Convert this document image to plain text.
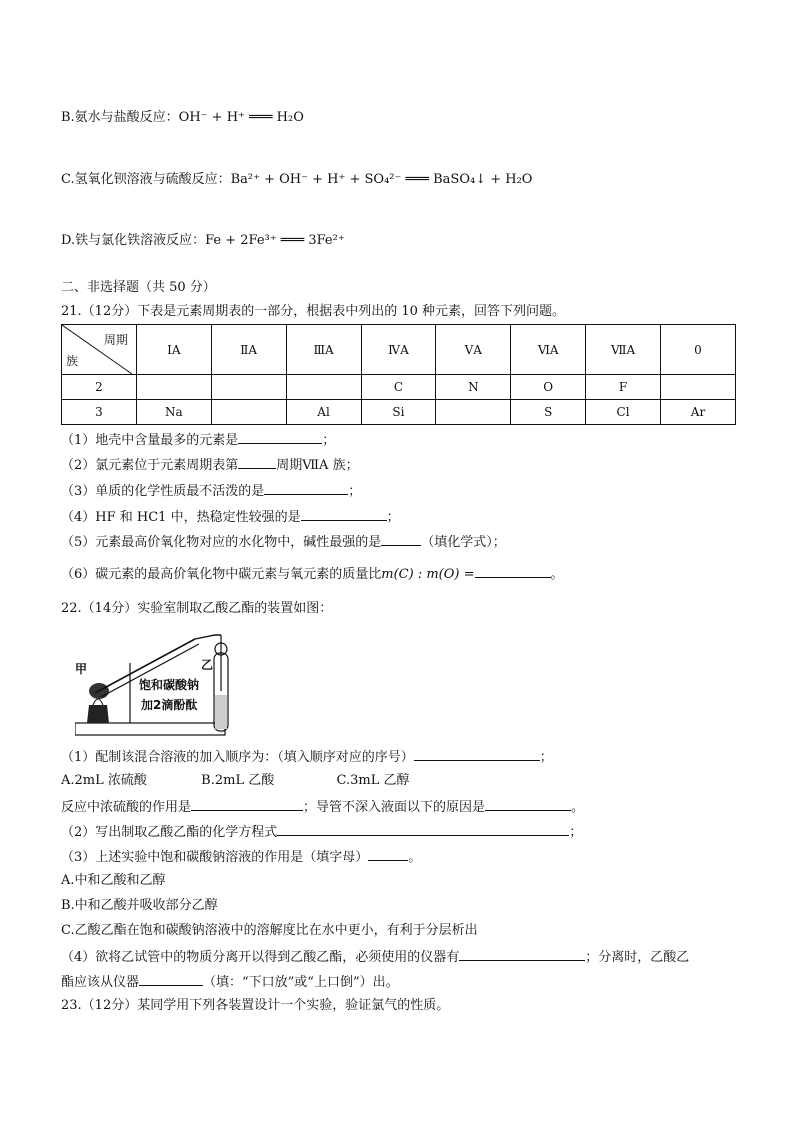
B.氨水与盐酸反应：OH⁻ + H⁺ ═══ H₂O
C.氢氧化钡溶液与硫酸反应：Ba²⁺ + OH⁻ + H⁺ + SO₄²⁻ ═══ BaSO₄↓ + H₂O
D.铁与氯化铁溶液反应：Fe + 2Fe³⁺ ═══ 3Fe²⁺
二、非选择题（共 50 分）
21.（12分）下表是元素周期表的一部分，根据表中列出的 10 种元素，回答下列问题。
周期
族	ⅠA	ⅡA	ⅢA	ⅣA	ⅤA	ⅥA	ⅦA	0
2				C	N	O	F	
3	Na		Al	Si		S	Cl	Ar
（1）地壳中含量最多的元素是	；
（2）氯元素位于元素周期表第	周期ⅦA 族；
（3）单质的化学性质最不活泼的是	；
（4）HF 和 HC1 中，热稳定性较强的是	；
（5）元素最高价氧化物对应的水化物中，碱性最强的是	（填化学式）；
（6）碳元素的最高价氧化物中碳元素与氧元素的质量比m(C) : m(O) =	。
22.（14分）实验室制取乙酸乙酯的装置如图：
甲	乙
饱和碳酸钠
加2滴酚酞
（1）配制该混合溶液的加入顺序为：（填入顺序对应的序号）	；
A.2mL 浓硫酸	B.2mL 乙酸	C.3mL 乙醇
反应中浓硫酸的作用是	；导管不深入液面以下的原因是	。
（2）写出制取乙酸乙酯的化学方程式	；
（3）上述实验中饱和碳酸钠溶液的作用是（填字母）	。
A.中和乙酸和乙醇
B.中和乙酸并吸收部分乙醇
C.乙酸乙酯在饱和碳酸钠溶液中的溶解度比在水中更小，有利于分层析出
（4）欲将乙试管中的物质分离开以得到乙酸乙酯，必须使用的仪器有	；分离时，乙酸乙
酯应该从仪器	（填：“下口放”或“上口倒”）出。
23.（12分）某同学用下列各装置设计一个实验，验证氯气的性质。
